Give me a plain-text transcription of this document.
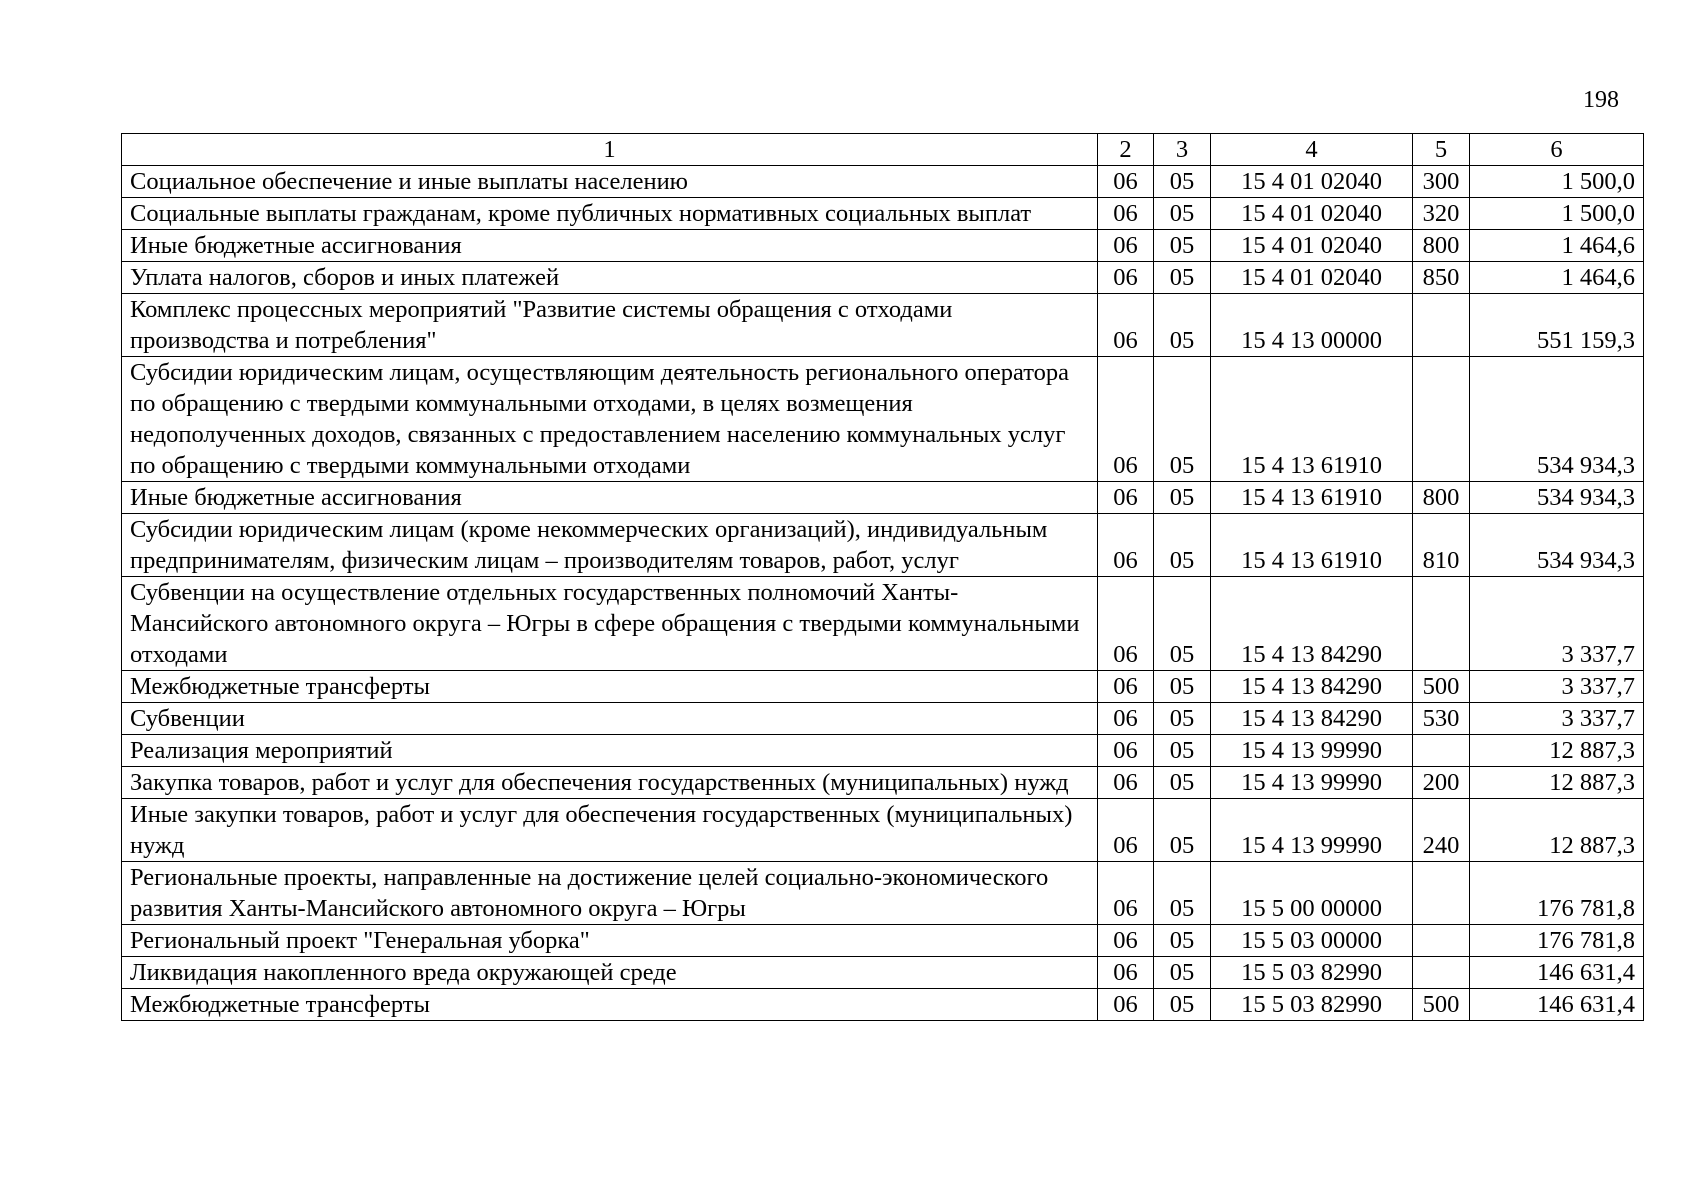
198
1	2	3	4	5	6
Социальное обеспечение и иные выплаты населению	06	05	15 4 01 02040	300	1 500,0
Социальные выплаты гражданам, кроме публичных нормативных социальных выплат	06	05	15 4 01 02040	320	1 500,0
Иные бюджетные ассигнования	06	05	15 4 01 02040	800	1 464,6
Уплата налогов, сборов и иных платежей	06	05	15 4 01 02040	850	1 464,6
Комплекс процессных мероприятий "Развитие системы обращения с отходами производства и потребления"	06	05	15 4 13 00000		551 159,3
Субсидии юридическим лицам, осуществляющим деятельность регионального оператора по обращению с твердыми коммунальными отходами, в целях возмещения недополученных доходов, связанных с предоставлением населению коммунальных услуг по обращению с твердыми коммунальными отходами	06	05	15 4 13 61910		534 934,3
Иные бюджетные ассигнования	06	05	15 4 13 61910	800	534 934,3
Субсидии юридическим лицам (кроме некоммерческих организаций), индивидуальным предпринимателям, физическим лицам – производителям товаров, работ, услуг	06	05	15 4 13 61910	810	534 934,3
Субвенции на осуществление отдельных государственных полномочий Ханты-Мансийского автономного округа – Югры в сфере обращения с твердыми коммунальными отходами	06	05	15 4 13 84290		3 337,7
Межбюджетные трансферты	06	05	15 4 13 84290	500	3 337,7
Субвенции	06	05	15 4 13 84290	530	3 337,7
Реализация мероприятий	06	05	15 4 13 99990		12 887,3
Закупка товаров, работ и услуг для обеспечения государственных (муниципальных) нужд	06	05	15 4 13 99990	200	12 887,3
Иные закупки товаров, работ и услуг для обеспечения государственных (муниципальных) нужд	06	05	15 4 13 99990	240	12 887,3
Региональные проекты, направленные на достижение целей социально-экономического развития Ханты-Мансийского автономного округа – Югры	06	05	15 5 00 00000		176 781,8
Региональный проект "Генеральная уборка"	06	05	15 5 03 00000		176 781,8
Ликвидация накопленного вреда окружающей среде	06	05	15 5 03 82990		146 631,4
Межбюджетные трансферты	06	05	15 5 03 82990	500	146 631,4
